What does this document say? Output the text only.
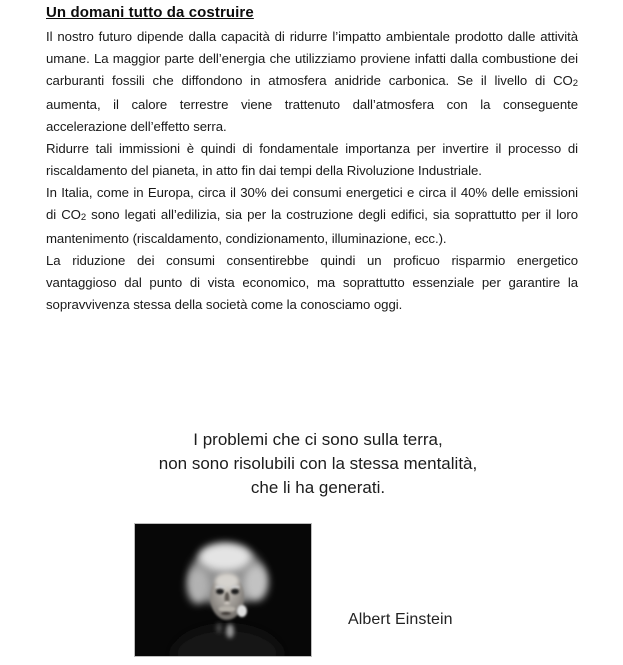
Un domani tutto da costruire

Il nostro futuro dipende dalla capacità di ridurre l’impatto ambientale prodotto dalle attività umane. La maggior parte dell’energia che utilizziamo proviene infatti dalla combustione dei carburanti fossili che diffondono in atmosfera anidride carbonica. Se il livello di CO2 aumenta, il calore terrestre viene trattenuto dall’atmosfera con la conseguente accelerazione dell’effetto serra.

Ridurre tali immissioni è quindi di fondamentale importanza per invertire il processo di riscaldamento del pianeta, in atto fin dai tempi della Rivoluzione Industriale.

In Italia, come in Europa, circa il 30% dei consumi energetici e circa il 40% delle emissioni di CO2 sono legati all’edilizia, sia per la costruzione degli edifici, sia soprattutto per il loro mantenimento (riscaldamento, condizionamento, illuminazione, ecc.).

La riduzione dei consumi consentirebbe quindi un proficuo risparmio energetico vantaggioso dal punto di vista economico, ma soprattutto essenziale per garantire la sopravvivenza stessa della società come la conosciamo oggi.

I problemi che ci sono sulla terra,
non sono risolubili con la stessa mentalità,
che li ha generati.
Albert Einstein
